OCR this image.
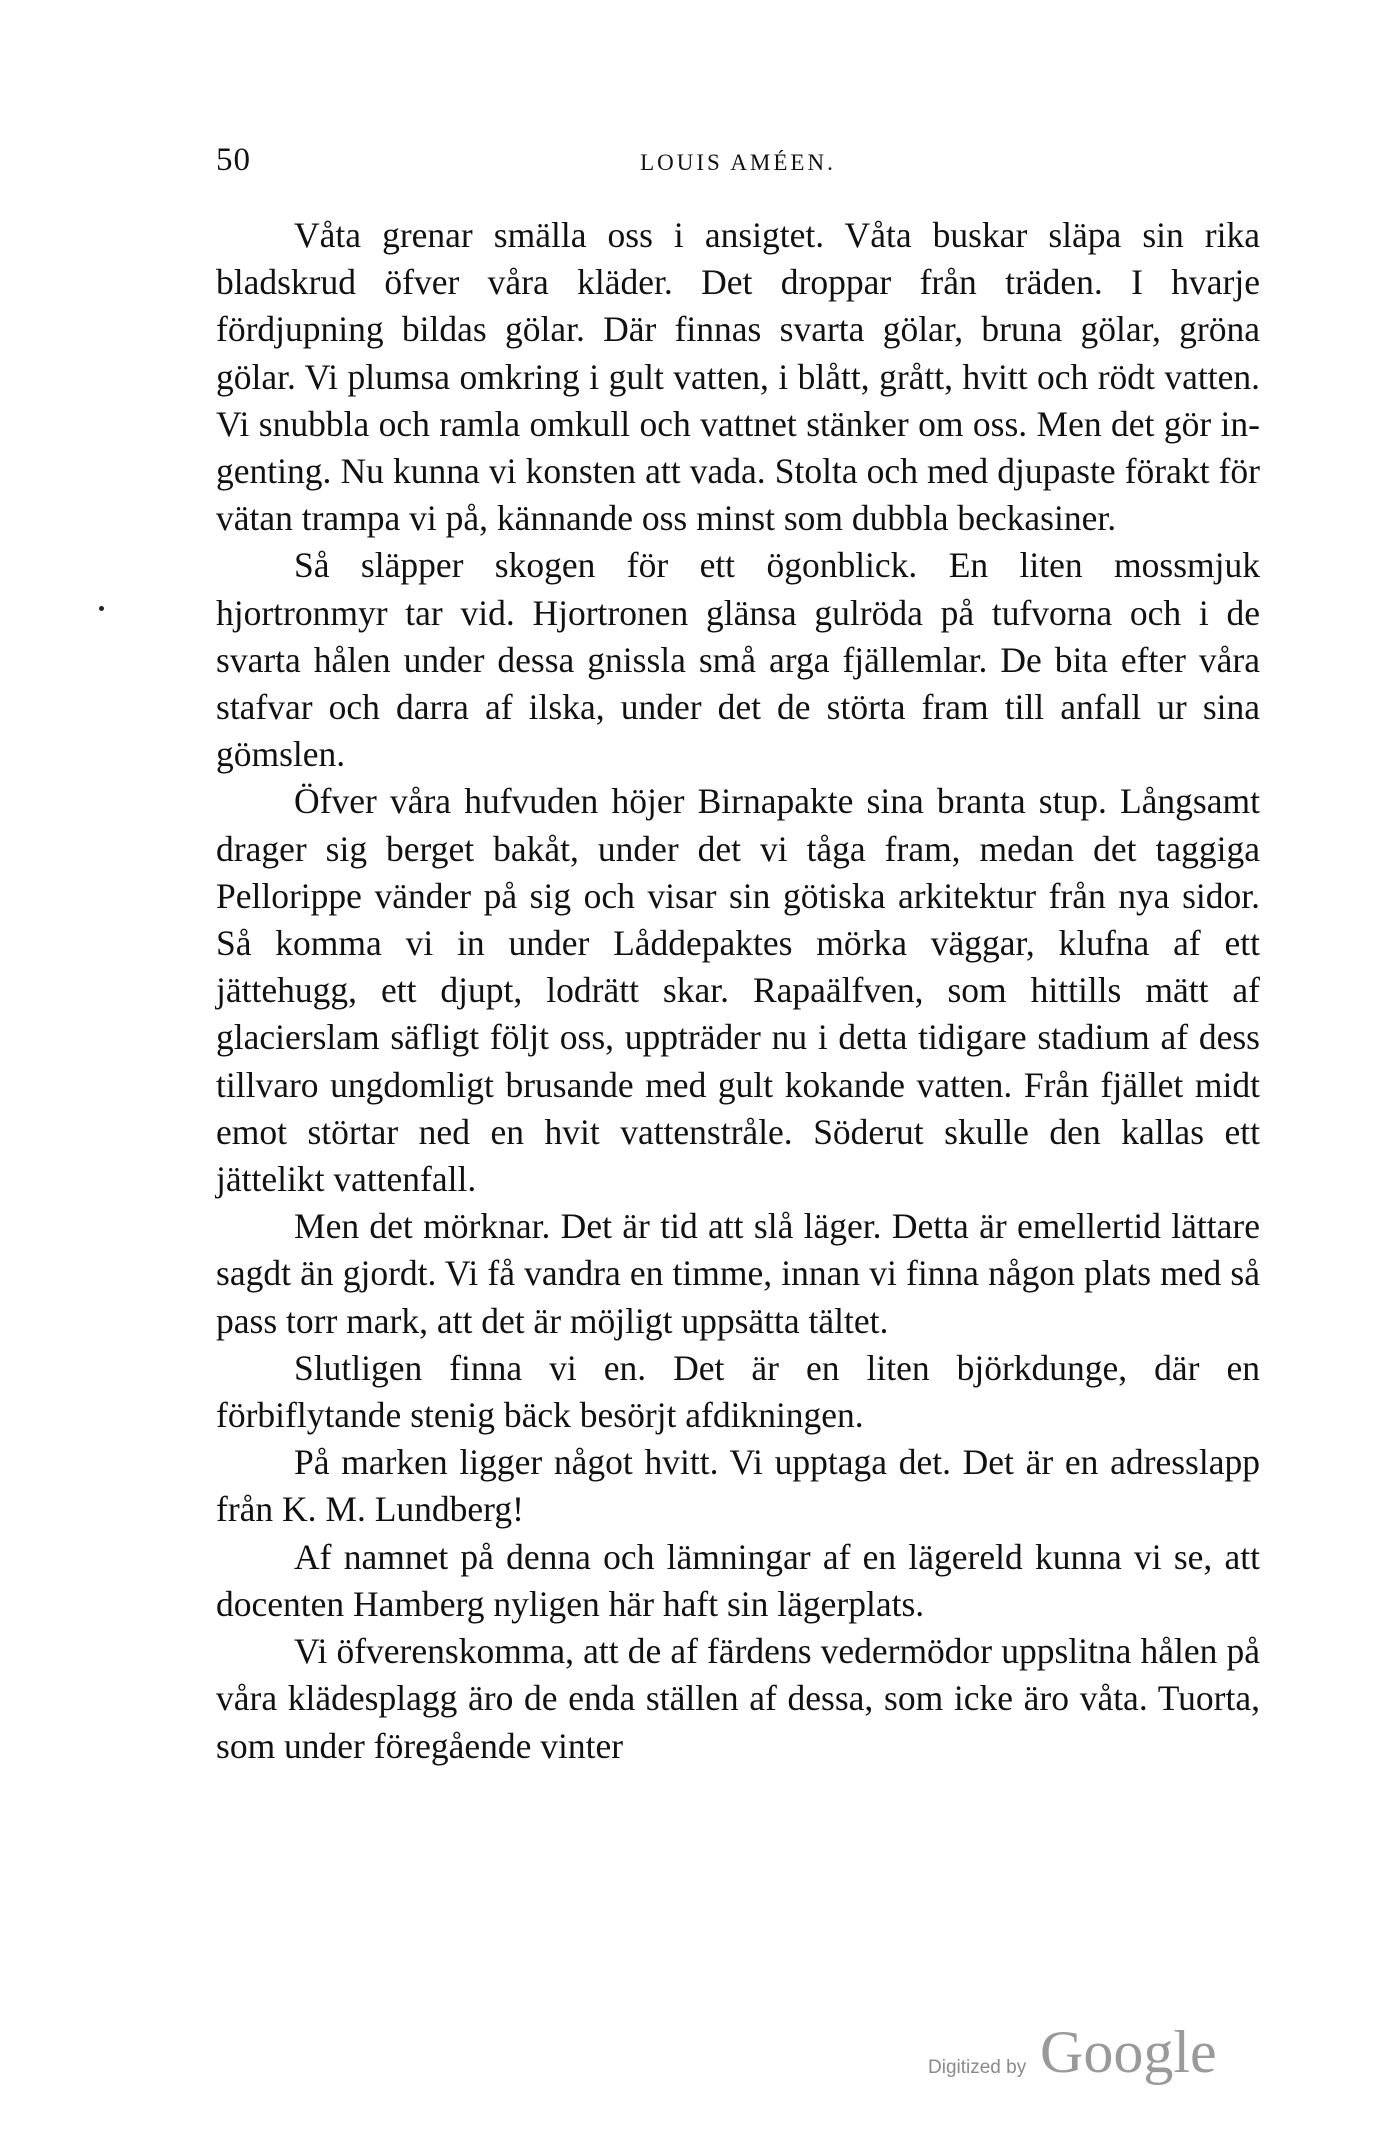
50	LOUIS AMÉEN.

Våta grenar smälla oss i ansigtet. Våta buskar släpa sin rika bladskrud öfver våra kläder. Det droppar från träden. I hvarje fördjupning bildas gölar. Där finnas svarta gölar, bruna gölar, gröna gölar. Vi plumsa omkring i gult vatten, i blått, grått, hvitt och rödt vatten. Vi snubbla och ramla omkull och vattnet stänker om oss. Men det gör ingenting. Nu kunna vi konsten att vada. Stolta och med djupaste förakt för vätan trampa vi på, kännande oss minst som dubbla beckasiner.

Så släpper skogen för ett ögonblick. En liten mossmjuk hjortronmyr tar vid. Hjortronen glänsa gulröda på tufvorna och i de svarta hålen under dessa gnissla små arga fjällemlar. De bita efter våra stafvar och darra af ilska, under det de störta fram till anfall ur sina gömslen.

Öfver våra hufvuden höjer Birnapakte sina branta stup. Långsamt drager sig berget bakåt, under det vi tåga fram, medan det taggiga Pellorippe vänder på sig och visar sin götiska arkitektur från nya sidor. Så komma vi in under Låddepaktes mörka väggar, klufna af ett jättehugg, ett djupt, lodrätt skar. Rapaälfven, som hittills mätt af glacierslam säfligt följt oss, uppträder nu i detta tidigare stadium af dess tillvaro ungdomligt brusande med gult kokande vatten. Från fjället midt emot störtar ned en hvit vattenstråle. Söderut skulle den kallas ett jättelikt vattenfall.

Men det mörknar. Det är tid att slå läger. Detta är emellertid lättare sagdt än gjordt. Vi få vandra en timme, innan vi finna någon plats med så pass torr mark, att det är möjligt uppsätta tältet.

Slutligen finna vi en. Det är en liten björkdunge, där en förbiflytande stenig bäck besörjt afdikningen.

På marken ligger något hvitt. Vi upptaga det. Det är en adresslapp från K. M. Lundberg!

Af namnet på denna och lämningar af en lägereld kunna vi se, att docenten Hamberg nyligen här haft sin lägerplats.

Vi öfverenskomma, att de af färdens vedermödor uppslitna hålen på våra klädesplagg äro de enda ställen af dessa, som icke äro våta. Tuorta, som under föregående vinter

Digitized by Google
